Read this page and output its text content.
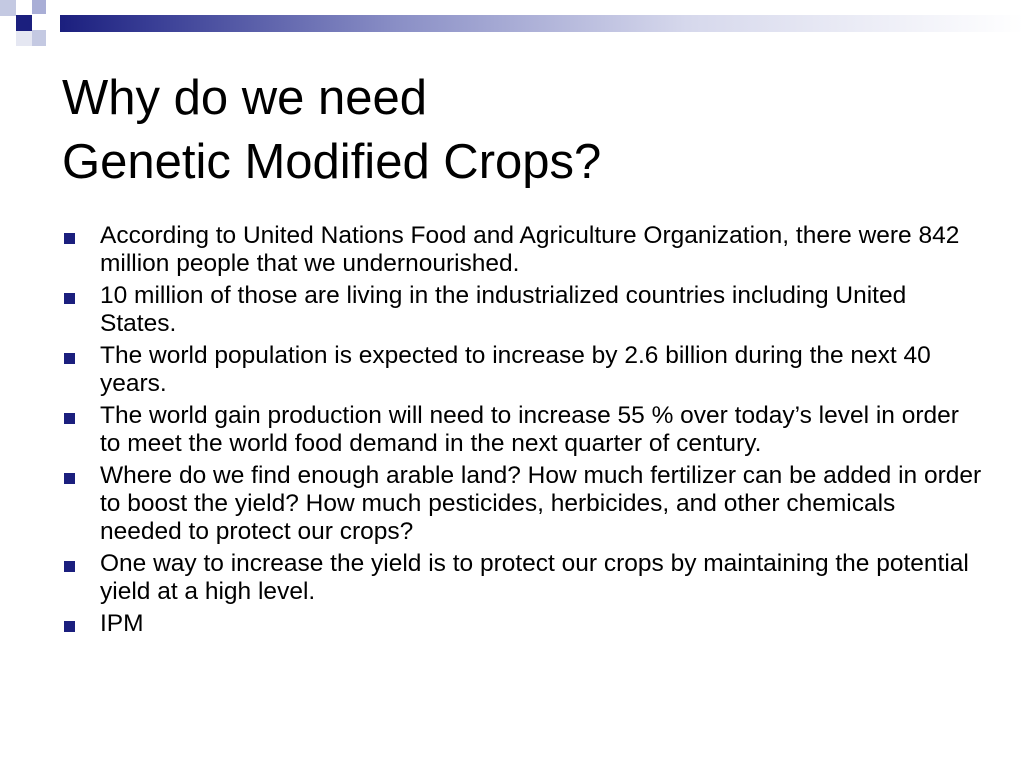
Why do we need
Genetic Modified Crops?
According to United Nations Food and Agriculture Organization, there were 842 million people that we undernourished.
10 million of those are living in the industrialized countries including United States.
The world population is expected to increase by 2.6 billion during the next 40 years.
The world gain production will need to increase 55 % over today’s level in order to meet the world food demand in the next quarter of century.
Where do we find enough arable land? How much fertilizer can be added in order to boost the yield? How much pesticides, herbicides, and other chemicals needed to protect our crops?
One way to increase the yield is to protect our crops by maintaining the potential yield at a high level.
IPM
